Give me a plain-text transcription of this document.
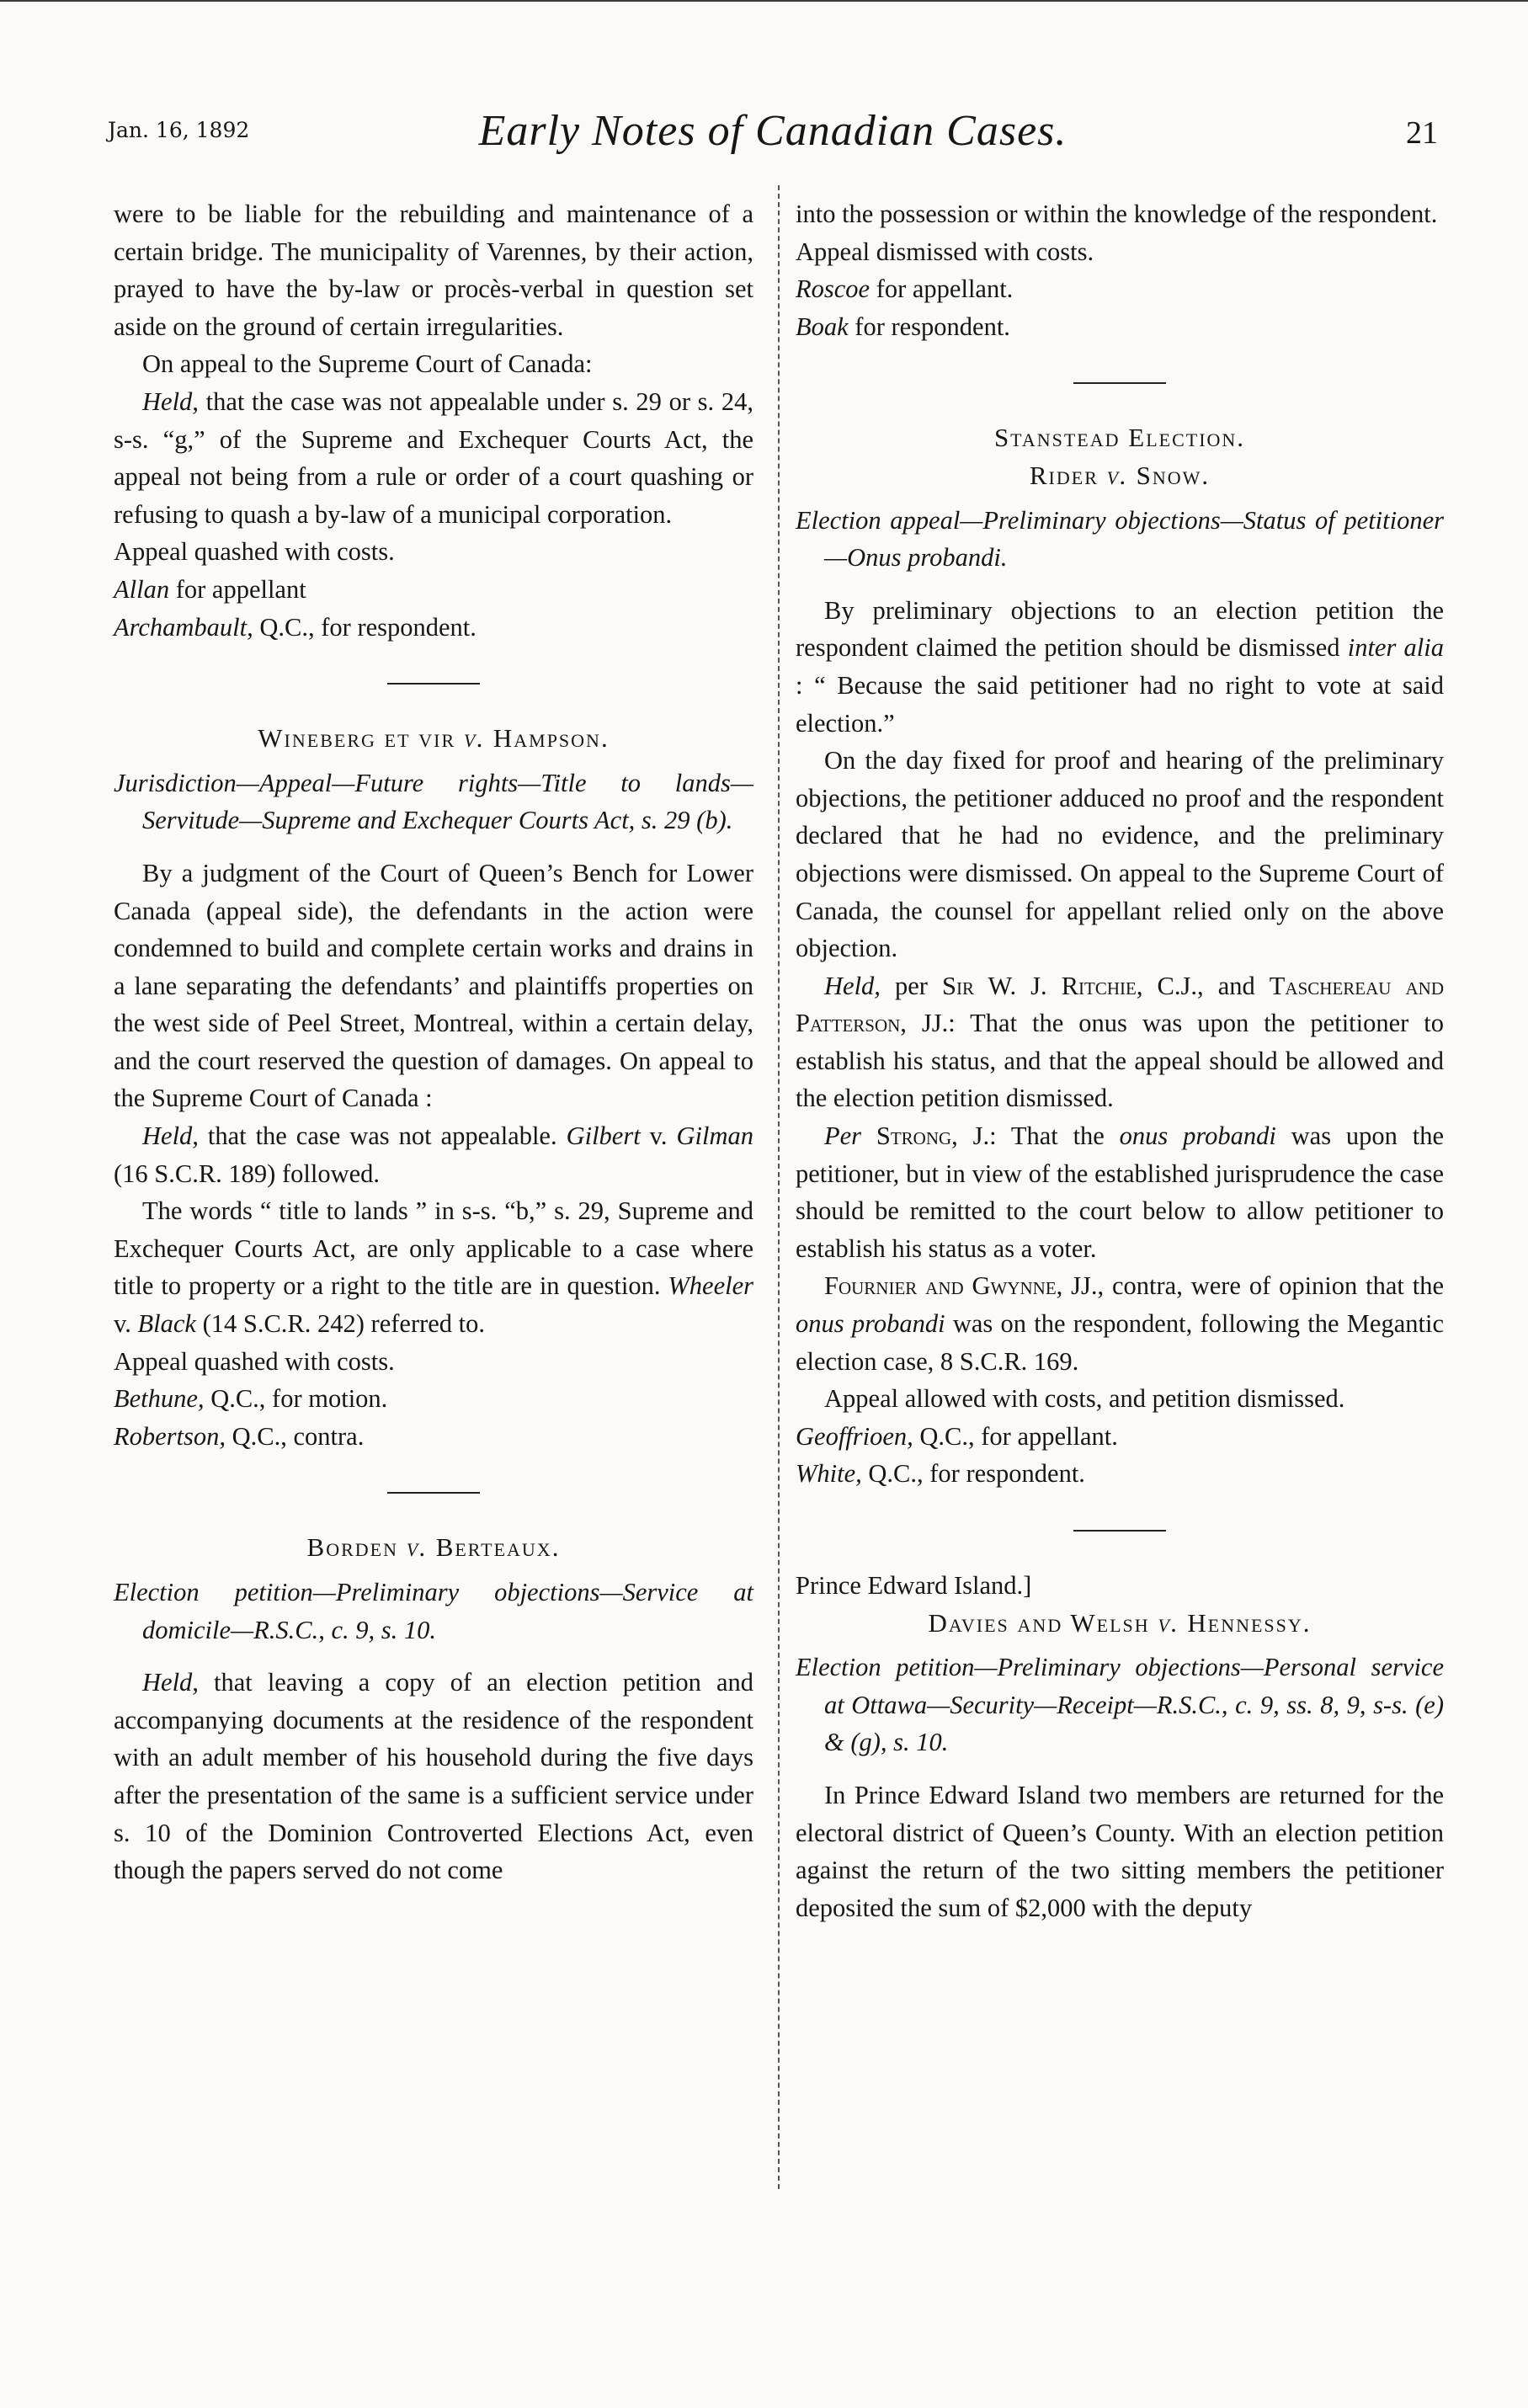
Jan. 16, 1892	Early Notes of Canadian Cases.	21

were to be liable for the rebuilding and maintenance of a certain bridge. The municipality of Varennes, by their action, prayed to have the by-law or procès-verbal in question set aside on the ground of certain irregularities.

On appeal to the Supreme Court of Canada:

Held, that the case was not appealable under s. 29 or s. 24, s-s. “g,” of the Supreme and Exchequer Courts Act, the appeal not being from a rule or order of a court quashing or refusing to quash a by-law of a municipal corporation.

Appeal quashed with costs.

Allan for appellant

Archambault, Q.C., for respondent.

Wineberg et vir v. Hampson.

Jurisdiction—Appeal—Future rights—Title to lands—Servitude—Supreme and Exchequer Courts Act, s. 29 (b).

By a judgment of the Court of Queen’s Bench for Lower Canada (appeal side), the defendants in the action were condemned to build and complete certain works and drains in a lane separating the defendants’ and plaintiffs properties on the west side of Peel Street, Montreal, within a certain delay, and the court reserved the question of damages. On appeal to the Supreme Court of Canada :

Held, that the case was not appealable. Gilbert v. Gilman (16 S.C.R. 189) followed.

The words “ title to lands ” in s-s. “b,” s. 29, Supreme and Exchequer Courts Act, are only applicable to a case where title to property or a right to the title are in question. Wheeler v. Black (14 S.C.R. 242) referred to.

Appeal quashed with costs.

Bethune, Q.C., for motion.

Robertson, Q.C., contra.

Borden v. Berteaux.

Election petition—Preliminary objections—Service at domicile—R.S.C., c. 9, s. 10.

Held, that leaving a copy of an election petition and accompanying documents at the residence of the respondent with an adult member of his household during the five days after the presentation of the same is a sufficient service under s. 10 of the Dominion Controverted Elections Act, even though the papers served do not come

into the possession or within the knowledge of the respondent.

Appeal dismissed with costs.

Roscoe for appellant.

Boak for respondent.

Stanstead Election.

Rider v. Snow.

Election appeal—Preliminary objections—Status of petitioner—Onus probandi.

By preliminary objections to an election petition the respondent claimed the petition should be dismissed inter alia : “ Because the said petitioner had no right to vote at said election.”

On the day fixed for proof and hearing of the preliminary objections, the petitioner adduced no proof and the respondent declared that he had no evidence, and the preliminary objections were dismissed. On appeal to the Supreme Court of Canada, the counsel for appellant relied only on the above objection.

Held, per Sir W. J. Ritchie, C.J., and Taschereau and Patterson, JJ.: That the onus was upon the petitioner to establish his status, and that the appeal should be allowed and the election petition dismissed.

Per Strong, J.: That the onus probandi was upon the petitioner, but in view of the established jurisprudence the case should be remitted to the court below to allow petitioner to establish his status as a voter.

Fournier and Gwynne, JJ., contra, were of opinion that the onus probandi was on the respondent, following the Megantic election case, 8 S.C.R. 169.

Appeal allowed with costs, and petition dismissed.

Geoffrioen, Q.C., for appellant.

White, Q.C., for respondent.

Prince Edward Island.]

Davies and Welsh v. Hennessy.

Election petition—Preliminary objections—Personal service at Ottawa—Security—Receipt—R.S.C., c. 9, ss. 8, 9, s-s. (e) & (g), s. 10.

In Prince Edward Island two members are returned for the electoral district of Queen’s County. With an election petition against the return of the two sitting members the petitioner deposited the sum of $2,000 with the deputy
